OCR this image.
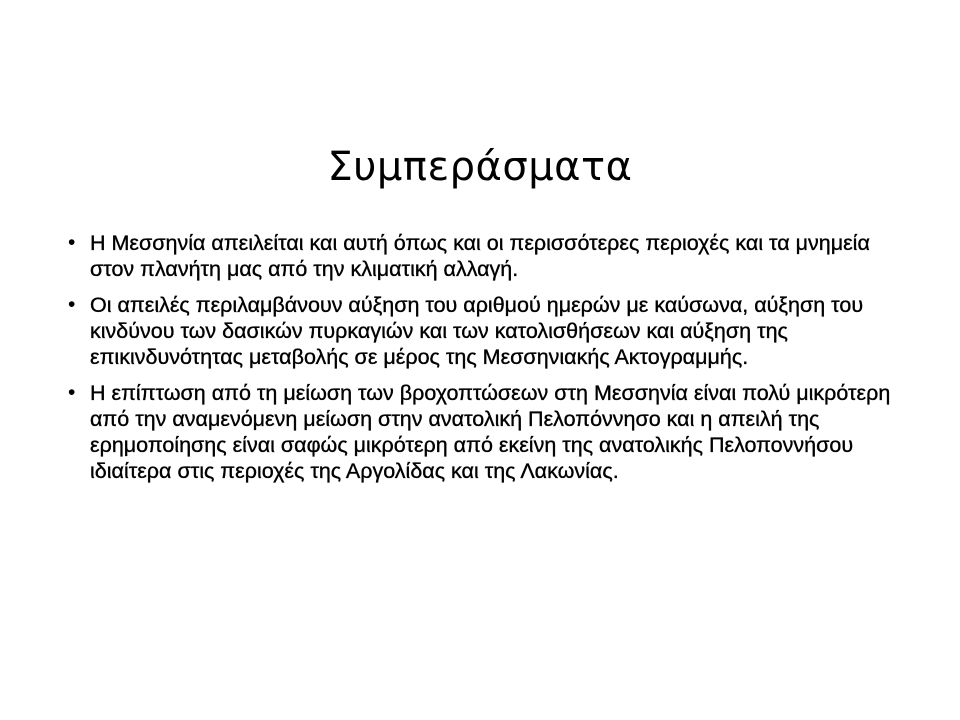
Συμπεράσματα
• Η Μεσσηνία απειλείται και αυτή όπως και οι περισσότερες περιοχές και τα μνημεία στον πλανήτη μας από την κλιματική αλλαγή.
• Οι απειλές περιλαμβάνουν αύξηση του αριθμού ημερών με καύσωνα, αύξηση του κινδύνου των δασικών πυρκαγιών και των κατολισθήσεων και αύξηση της επικινδυνότητας μεταβολής σε μέρος της Μεσσηνιακής Ακτογραμμής.
• Η επίπτωση από τη μείωση των βροχοπτώσεων στη Μεσσηνία είναι πολύ μικρότερη από την αναμενόμενη μείωση στην ανατολική Πελοπόννησο και η απειλή της ερημοποίησης είναι σαφώς μικρότερη από εκείνη της ανατολικής Πελοποννήσου ιδιαίτερα στις περιοχές της Αργολίδας και της Λακωνίας.
